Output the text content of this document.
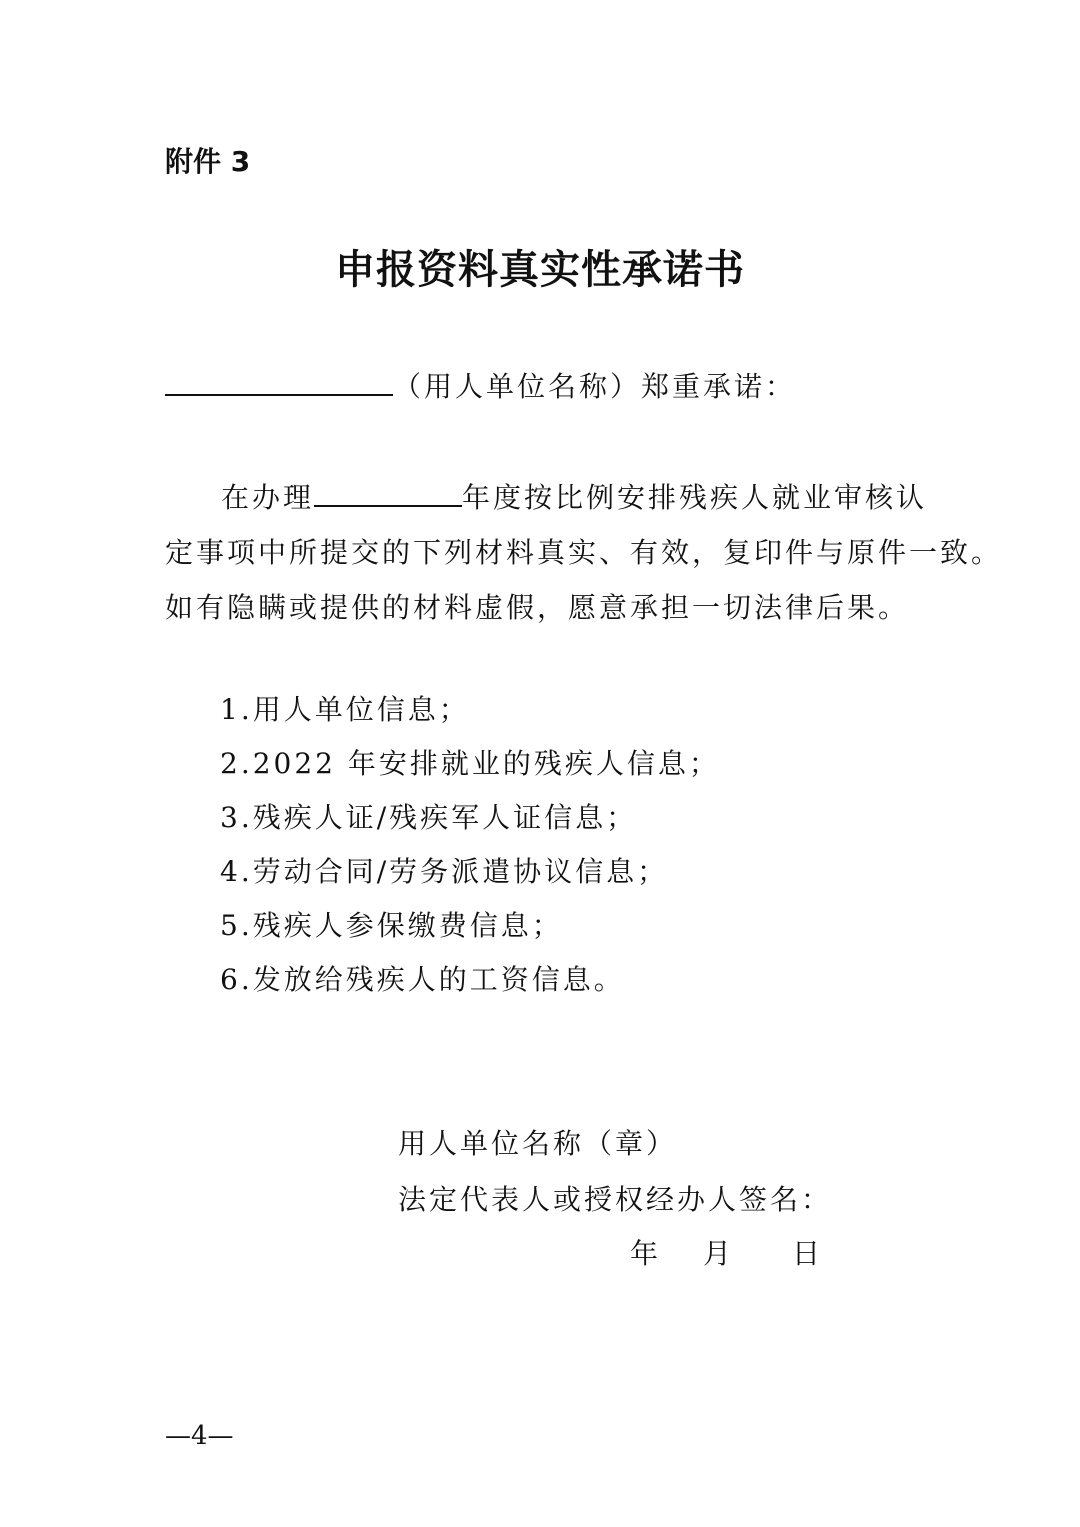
附件 3
申报资料真实性承诺书
（用人单位名称）郑重承诺：
在办理	年度按比例安排残疾人就业审核认
定事项中所提交的下列材料真实、有效，复印件与原件一致。
如有隐瞒或提供的材料虚假，愿意承担一切法律后果。
1.用人单位信息；
2.2022 年安排就业的残疾人信息；
3.残疾人证/残疾军人证信息；
4.劳动合同/劳务派遣协议信息；
5.残疾人参保缴费信息；
6.发放给残疾人的工资信息。
用人单位名称（章）
法定代表人或授权经办人签名：
年 月 日
—4—
